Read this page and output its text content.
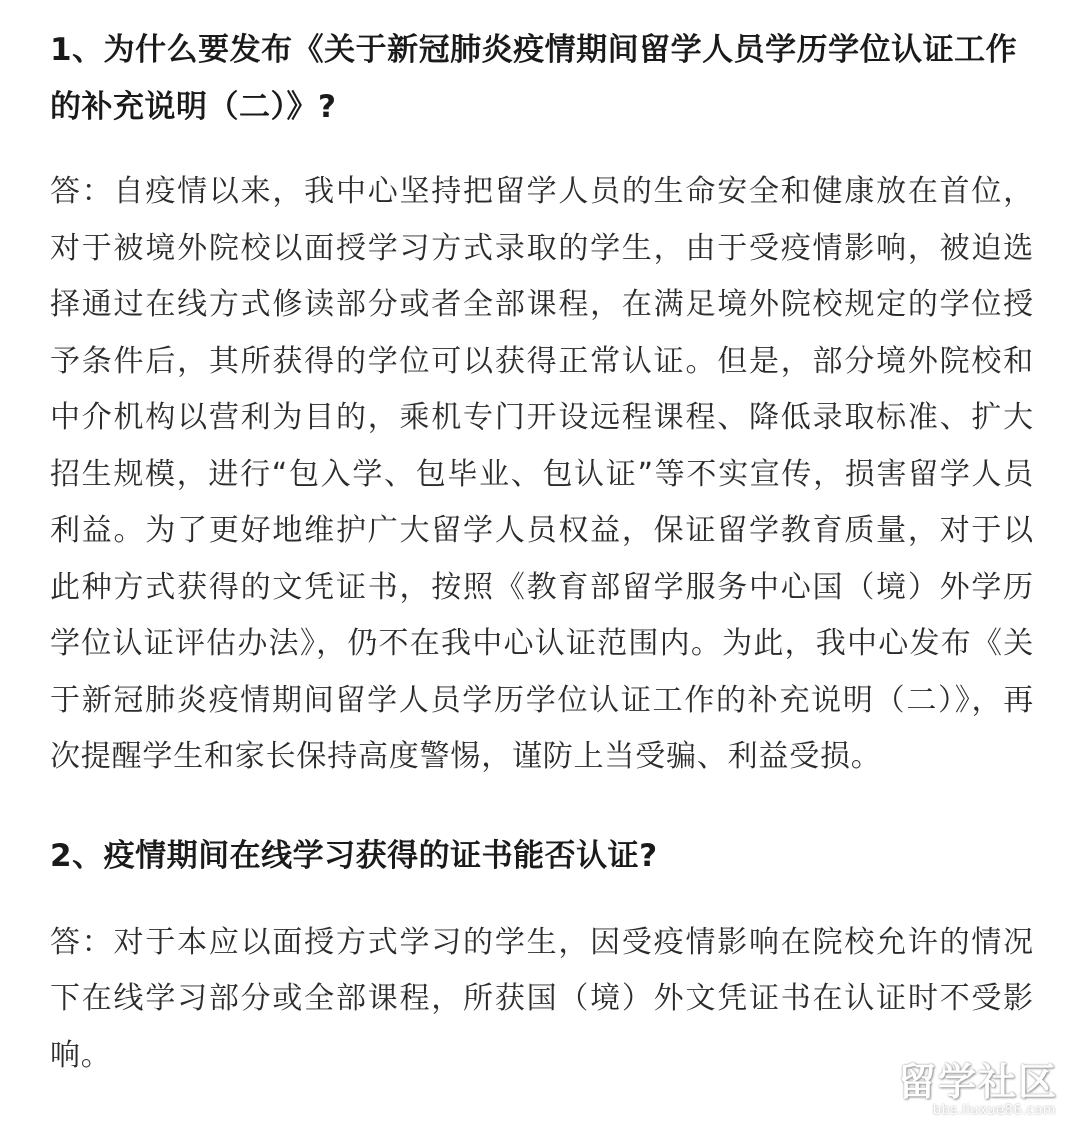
1、为什么要发布《关于新冠肺炎疫情期间留学人员学历学位认证工作的补充说明（二）》?

答：自疫情以来，我中心坚持把留学人员的生命安全和健康放在首位，对于被境外院校以面授学习方式录取的学生，由于受疫情影响，被迫选择通过在线方式修读部分或者全部课程，在满足境外院校规定的学位授予条件后，其所获得的学位可以获得正常认证。但是，部分境外院校和中介机构以营利为目的，乘机专门开设远程课程、降低录取标准、扩大招生规模，进行“包入学、包毕业、包认证”等不实宣传，损害留学人员利益。为了更好地维护广大留学人员权益，保证留学教育质量，对于以此种方式获得的文凭证书，按照《教育部留学服务中心国（境）外学历学位认证评估办法》，仍不在我中心认证范围内。为此，我中心发布《关于新冠肺炎疫情期间留学人员学历学位认证工作的补充说明（二）》，再次提醒学生和家长保持高度警惕，谨防上当受骗、利益受损。

2、疫情期间在线学习获得的证书能否认证?

答：对于本应以面授方式学习的学生，因受疫情影响在院校允许的情况下在线学习部分或全部课程，所获国（境）外文凭证书在认证时不受影响。

留学社区
bbs.liuxue86.com
